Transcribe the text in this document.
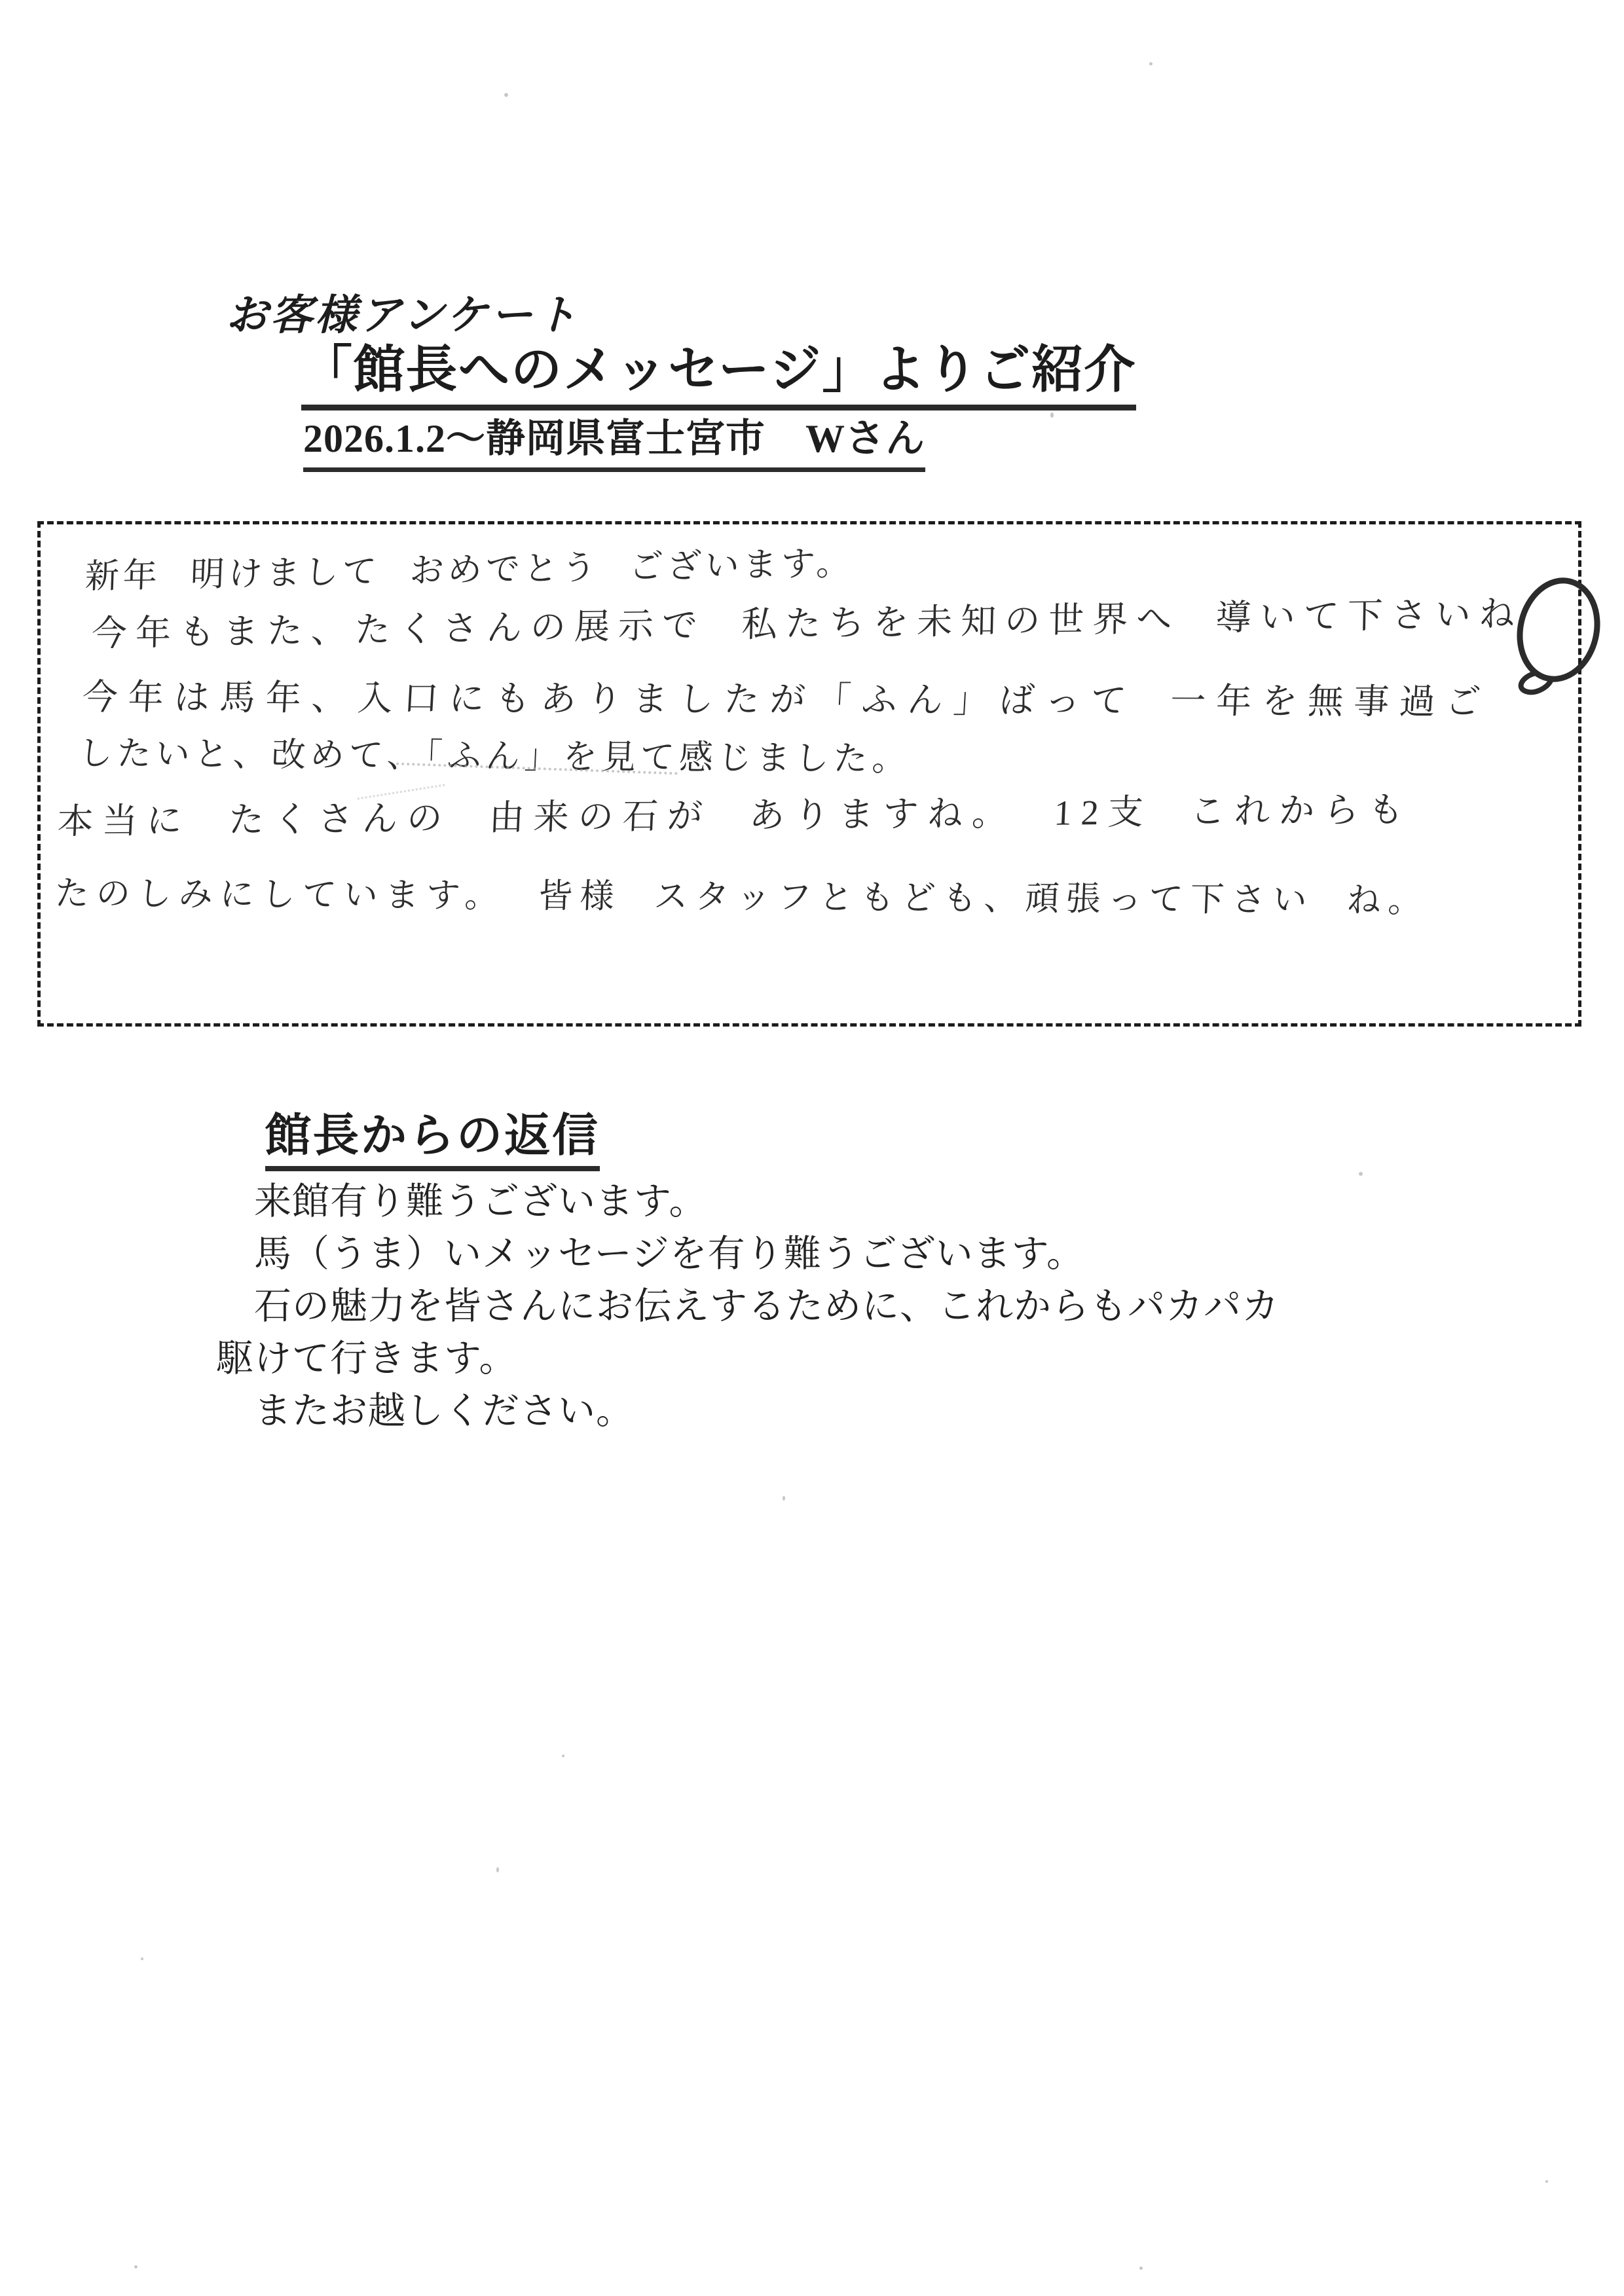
お客様アンケート
「館長へのメッセージ」よりご紹介
2026.1.2～静岡県富士宮市　Wさん
新年 明けまして おめでとう ございます。
今年もまた、たくさんの展示で 私たちを未知の世界へ 導いて下さいね
今年は馬年、入口にもありましたが「ふん」ばって 一年を無事過ご
したいと、改めて、「ふん」を見て感じました。
本当に たくさんの 由来の石が ありますね。 12支 これからも
たのしみにしています。 皆様 スタッフともども、頑張って下さい ね。
館長からの返信
　来館有り難うございます。
　馬（うま）いメッセージを有り難うございます。
　石の魅力を皆さんにお伝えするために、これからもパカパカ
駆けて行きます。
　またお越しください。
